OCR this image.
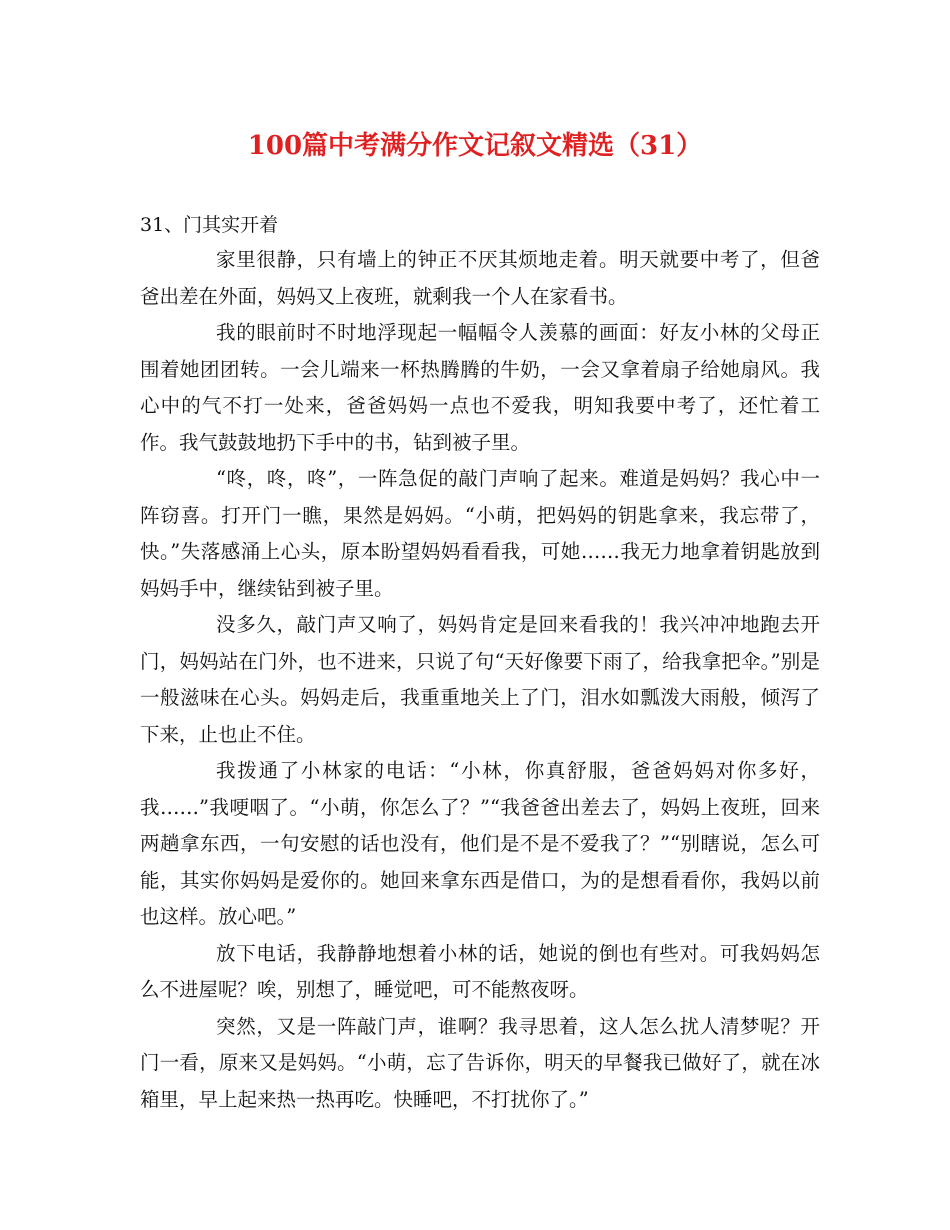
100篇中考满分作文记叙文精选（31）

31、门其实开着

家里很静，只有墙上的钟正不厌其烦地走着。明天就要中考了，但爸爸出差在外面，妈妈又上夜班，就剩我一个人在家看书。

我的眼前时不时地浮现起一幅幅令人羡慕的画面：好友小林的父母正围着她团团转。一会儿端来一杯热腾腾的牛奶，一会又拿着扇子给她扇风。我心中的气不打一处来，爸爸妈妈一点也不爱我，明知我要中考了，还忙着工作。我气鼓鼓地扔下手中的书，钻到被子里。

“咚，咚，咚”，一阵急促的敲门声响了起来。难道是妈妈？我心中一阵窃喜。打开门一瞧，果然是妈妈。“小萌，把妈妈的钥匙拿来，我忘带了，快。”失落感涌上心头，原本盼望妈妈看看我，可她……我无力地拿着钥匙放到妈妈手中，继续钻到被子里。

没多久，敲门声又响了，妈妈肯定是回来看我的！我兴冲冲地跑去开门，妈妈站在门外，也不进来，只说了句“天好像要下雨了，给我拿把伞。”别是一般滋味在心头。妈妈走后，我重重地关上了门，泪水如瓢泼大雨般，倾泻了下来，止也止不住。

我拨通了小林家的电话：“小林，你真舒服，爸爸妈妈对你多好，我……”我哽咽了。“小萌，你怎么了？”“我爸爸出差去了，妈妈上夜班，回来两趟拿东西，一句安慰的话也没有，他们是不是不爱我了？”“别瞎说，怎么可能，其实你妈妈是爱你的。她回来拿东西是借口，为的是想看看你，我妈以前也这样。放心吧。”

放下电话，我静静地想着小林的话，她说的倒也有些对。可我妈妈怎么不进屋呢？唉，别想了，睡觉吧，可不能熬夜呀。

突然，又是一阵敲门声，谁啊？我寻思着，这人怎么扰人清梦呢？开门一看，原来又是妈妈。“小萌，忘了告诉你，明天的早餐我已做好了，就在冰箱里，早上起来热一热再吃。快睡吧，不打扰你了。”
